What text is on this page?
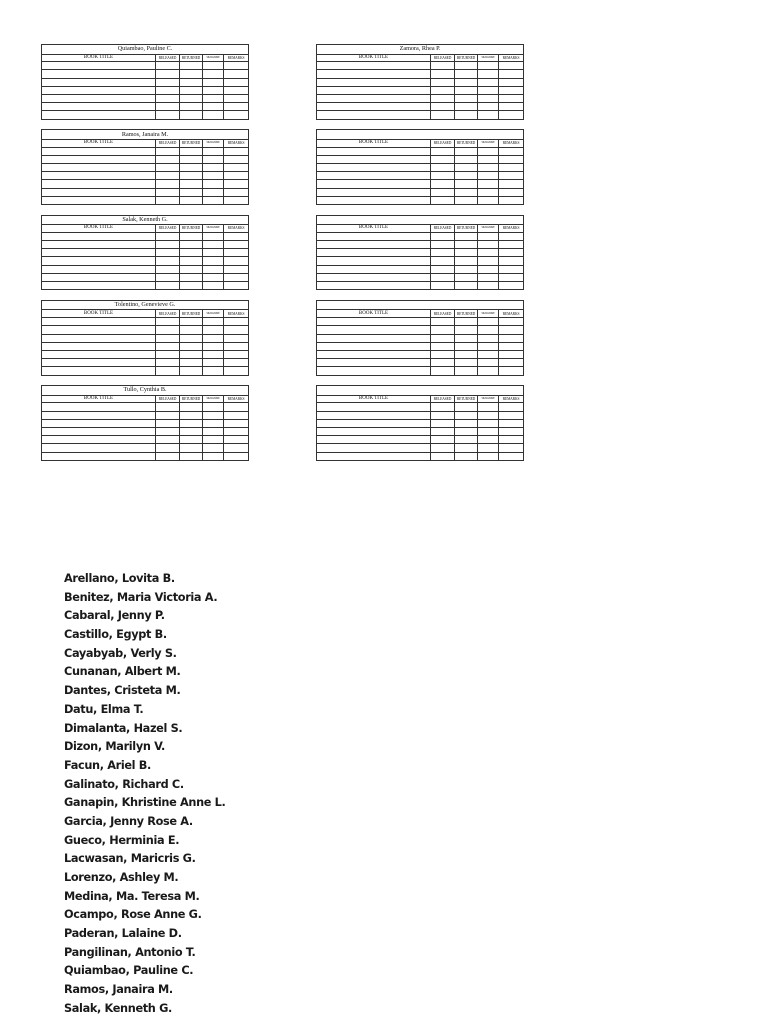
Quiambao, Pauline C.				
BOOK TITLE	RELEASED	RETURNED	SIGNATURE	REMARKS

Zamora, Rhea P.				
BOOK TITLE	RELEASED	RETURNED	SIGNATURE	REMARKS

Ramos, Janaira M.				
BOOK TITLE	RELEASED	RETURNED	SIGNATURE	REMARKS

					BOOK TITLE	RELEASED	RETURNED	SIGNATURE	REMARKS

Salak, Kenneth G.				
BOOK TITLE	RELEASED	RETURNED	SIGNATURE	REMARKS

					BOOK TITLE	RELEASED	RETURNED	SIGNATURE	REMARKS

Tolentino, Genevieve G.				
BOOK TITLE	RELEASED	RETURNED	SIGNATURE	REMARKS

					BOOK TITLE	RELEASED	RETURNED	SIGNATURE	REMARKS

Tullo, Cynthia B.				
BOOK TITLE	RELEASED	RETURNED	SIGNATURE	REMARKS

					BOOK TITLE	RELEASED	RETURNED	SIGNATURE	REMARKS

Arellano, Lovita B.
Benitez, Maria Victoria A.
Cabaral, Jenny P.
Castillo, Egypt B.
Cayabyab, Verly S.
Cunanan, Albert M.
Dantes, Cristeta M.
Datu, Elma T.
Dimalanta, Hazel S.
Dizon, Marilyn V.
Facun, Ariel B.
Galinato, Richard C.
Ganapin, Khristine Anne L.
Garcia, Jenny Rose A.
Gueco, Herminia E.
Lacwasan, Maricris G.
Lorenzo, Ashley M.
Medina, Ma. Teresa M.
Ocampo, Rose Anne G.
Paderan, Lalaine D.
Pangilinan, Antonio T.
Quiambao, Pauline C.
Ramos, Janaira M.
Salak, Kenneth G.
